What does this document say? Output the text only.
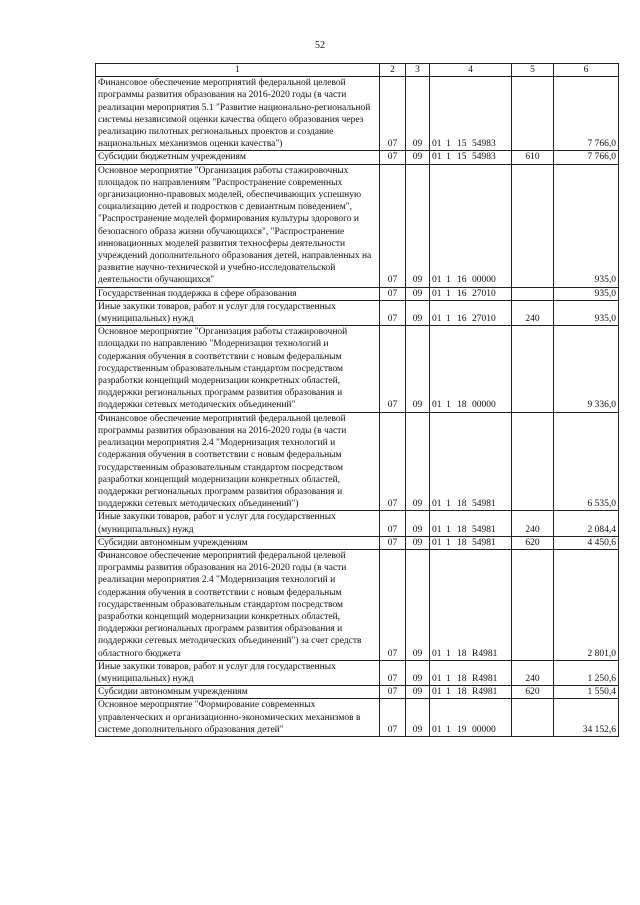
52
1	2	3	4	5	6
Финансовое обеспечение мероприятий федеральной целевой программы развития образования на 2016-2020 годы (в части реализации мероприятия 5.1 "Развитие национально-региональной системы независимой оценки качества общего образования через реализацию пилотных региональных проектов и создание национальных механизмов оценки качества")	07	09	01 1 15 54983		7 766,0
Субсидии бюджетным учреждениям	07	09	01 1 15 54983	610	7 766,0
Основное мероприятие "Организация работы стажировочных площадок по направлениям "Распространение современных организационно-правовых моделей, обеспечивающих успешную социализацию детей и подростков с девиантным поведением", "Распространение моделей формирования культуры здорового и безопасного образа жизни обучающихся", "Распространение инновационных моделей развития техносферы деятельности учреждений дополнительного образования детей, направленных на развитие научно-технической и учебно-исследовательской деятельности обучающихся"	07	09	01 1 16 00000		935,0
Государственная поддержка в сфере образования	07	09	01 1 16 27010		935,0
Иные закупки товаров, работ и услуг для государственных (муниципальных) нужд	07	09	01 1 16 27010	240	935,0
Основное мероприятие "Организация работы стажировочной площадки по направлению "Модернизация технологий и содержания обучения в соответствии с новым федеральным государственным образовательным стандартом посредством разработки концепций модернизации конкретных областей, поддержки региональных программ развития образования и поддержки сетевых методических объединений"	07	09	01 1 18 00000		9 336,0
Финансовое обеспечение мероприятий федеральной целевой программы развития образования на 2016-2020 годы (в части реализации мероприятия 2.4 "Модернизация технологий и содержания обучения в соответствии с новым федеральным государственным образовательным стандартом посредством разработки концепций модернизации конкретных областей, поддержки региональных программ развития образования и поддержки сетевых методических объединений")	07	09	01 1 18 54981		6 535,0
Иные закупки товаров, работ и услуг для государственных (муниципальных) нужд	07	09	01 1 18 54981	240	2 084,4
Субсидии автономным учреждениям	07	09	01 1 18 54981	620	4 450,6
Финансовое обеспечение мероприятий федеральной целевой программы развития образования на 2016-2020 годы (в части реализации мероприятия 2.4 "Модернизация технологий и содержания обучения в соответствии с новым федеральным государственным образовательным стандартом посредством разработки концепций модернизации конкретных областей, поддержки региональных программ развития образования и поддержки сетевых методических объединений") за счет средств областного бюджета	07	09	01 1 18 R4981		2 801,0
Иные закупки товаров, работ и услуг для государственных (муниципальных) нужд	07	09	01 1 18 R4981	240	1 250,6
Субсидии автономным учреждениям	07	09	01 1 18 R4981	620	1 550,4
Основное мероприятие "Формирование современных управленческих и организационно-экономических механизмов в системе дополнительного образования детей"	07	09	01 1 19 00000		34 152,6
